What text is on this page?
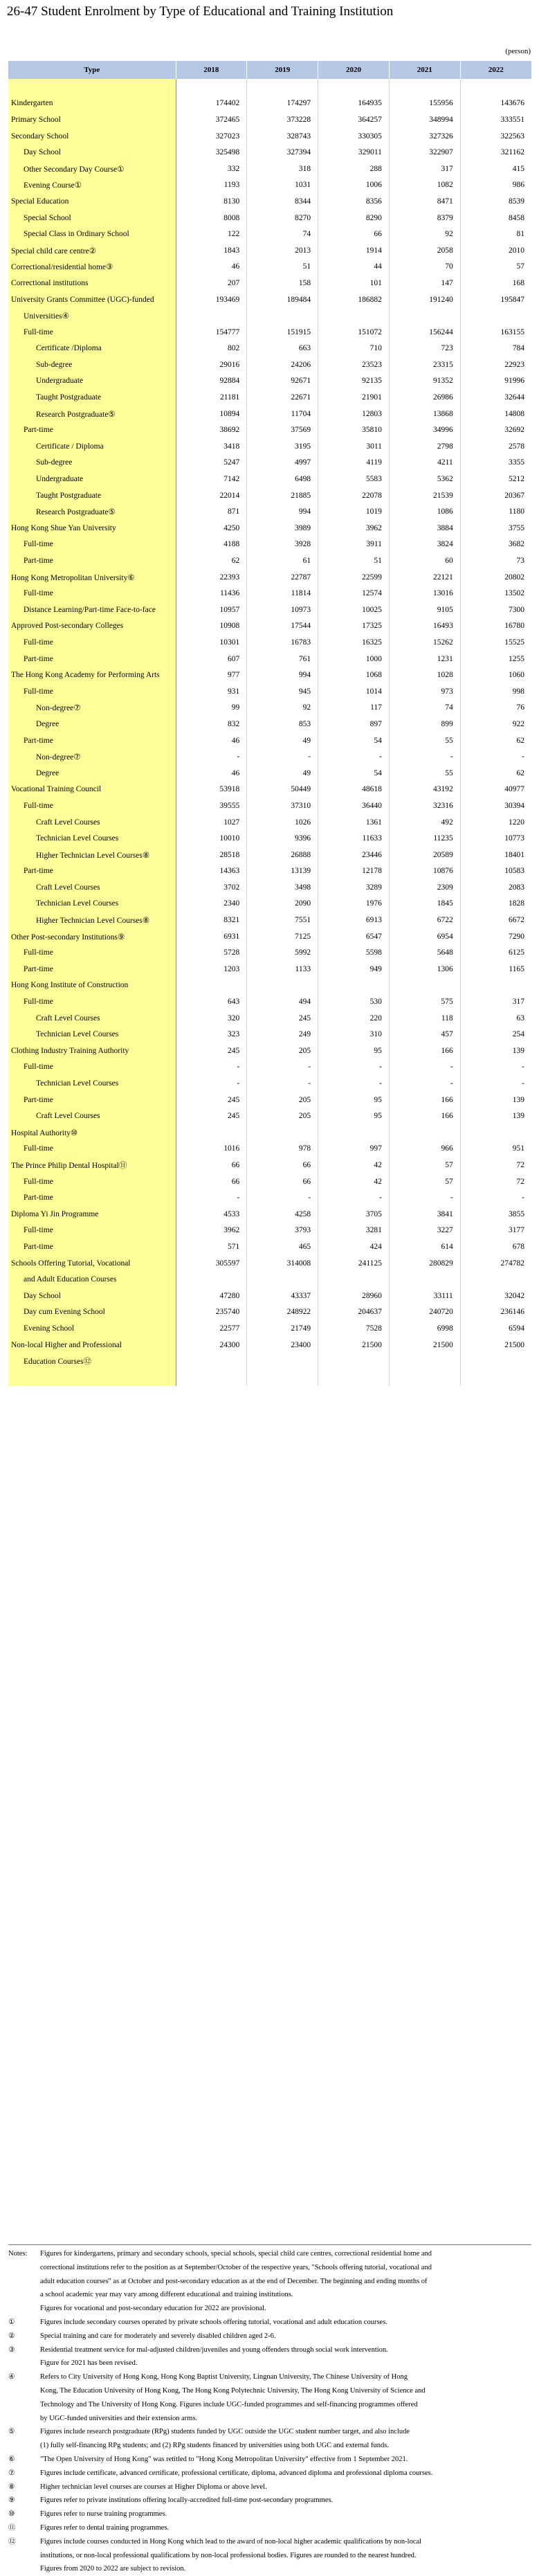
26-47 Student Enrolment by Type of Educational and Training Institution
(person)
Type	2018	2019	2020	2021	2022

Kindergarten	174402	174297	164935	155956	143676
Primary School	372465	373228	364257	348994	333551
Secondary School	327023	328743	330305	327326	322563
Day School	325498	327394	329011	322907	321162
Other Secondary Day Course①	332	318	288	317	415
Evening Course①	1193	1031	1006	1082	986
Special Education	8130	8344	8356	8471	8539
Special School	8008	8270	8290	8379	8458
Special Class in Ordinary School	122	74	66	92	81
Special child care centre②	1843	2013	1914	2058	2010
Correctional/residential home③	46	51	44	70	57
Correctional institutions	207	158	101	147	168
University Grants Committee (UGC)-funded	193469	189484	186882	191240	195847
Universities④					
Full-time	154777	151915	151072	156244	163155
Certificate /Diploma	802	663	710	723	784
Sub-degree	29016	24206	23523	23315	22923
Undergraduate	92884	92671	92135	91352	91996
Taught Postgraduate	21181	22671	21901	26986	32644
Research Postgraduate⑤	10894	11704	12803	13868	14808
Part-time	38692	37569	35810	34996	32692
Certificate / Diploma	3418	3195	3011	2798	2578
Sub-degree	5247	4997	4119	4211	3355
Undergraduate	7142	6498	5583	5362	5212
Taught Postgraduate	22014	21885	22078	21539	20367
Research Postgraduate⑤	871	994	1019	1086	1180
Hong Kong Shue Yan University	4250	3989	3962	3884	3755
Full-time	4188	3928	3911	3824	3682
Part-time	62	61	51	60	73
Hong Kong Metropolitan University⑥	22393	22787	22599	22121	20802
Full-time	11436	11814	12574	13016	13502
Distance Learning/Part-time Face-to-face	10957	10973	10025	9105	7300
Approved Post-secondary Colleges	10908	17544	17325	16493	16780
Full-time	10301	16783	16325	15262	15525
Part-time	607	761	1000	1231	1255
The Hong Kong Academy for Performing Arts	977	994	1068	1028	1060
Full-time	931	945	1014	973	998
Non-degree⑦	99	92	117	74	76
Degree	832	853	897	899	922
Part-time	46	49	54	55	62
Non-degree⑦	-	-	-	-	-
Degree	46	49	54	55	62
Vocational Training Council	53918	50449	48618	43192	40977
Full-time	39555	37310	36440	32316	30394
Craft Level Courses	1027	1026	1361	492	1220
Technician Level Courses	10010	9396	11633	11235	10773
Higher Technician Level Courses⑧	28518	26888	23446	20589	18401
Part-time	14363	13139	12178	10876	10583
Craft Level Courses	3702	3498	3289	2309	2083
Technician Level Courses	2340	2090	1976	1845	1828
Higher Technician Level Courses⑧	8321	7551	6913	6722	6672
Other Post-secondary Institutions⑨	6931	7125	6547	6954	7290
Full-time	5728	5992	5598	5648	6125
Part-time	1203	1133	949	1306	1165
Hong Kong Institute of Construction					
Full-time	643	494	530	575	317
Craft Level Courses	320	245	220	118	63
Technician Level Courses	323	249	310	457	254
Clothing Industry Training Authority	245	205	95	166	139
Full-time	-	-	-	-	-
Technician Level Courses	-	-	-	-	-
Part-time	245	205	95	166	139
Craft Level Courses	245	205	95	166	139
Hospital Authority⑩					
Full-time	1016	978	997	966	951
The Prince Philip Dental Hospital⑪	66	66	42	57	72
Full-time	66	66	42	57	72
Part-time	-	-	-	-	-
Diploma Yi Jin Programme	4533	4258	3705	3841	3855
Full-time	3962	3793	3281	3227	3177
Part-time	571	465	424	614	678
Schools Offering Tutorial, Vocational	305597	314008	241125	280829	274782
and Adult Education Courses					
Day School	47280	43337	28960	33111	32042
Day cum Evening School	235740	248922	204637	240720	236146
Evening School	22577	21749	7528	6998	6594
Non-local Higher and Professional	24300	23400	21500	21500	21500
Education Courses⑫					

Notes:	Figures for kindergartens, primary and secondary schools, special schools, special child care centres, correctional residential home and
correctional institutions refer to the position as at September/October of the respective years, "Schools offering tutorial, vocational and
adult education courses" as at October and post-secondary education as at the end of December. The beginning and ending months of
a school academic year may vary among different educational and training institutions.
Figures for vocational and post-secondary education for 2022 are provisional.
①	Figures include secondary courses operated by private schools offering tutorial, vocational and adult education courses.
②	Special training and care for moderately and severely disabled children aged 2-6.
③	Residential treatment service for mal-adjusted children/juveniles and young offenders through social work intervention.
Figure for 2021 has been revised.
④	Refers to City University of Hong Kong, Hong Kong Baptist University, Lingnan University, The Chinese University of Hong
Kong, The Education University of Hong Kong, The Hong Kong Polytechnic University, The Hong Kong University of Science and
Technology and The University of Hong Kong. Figures include UGC-funded programmes and self-financing programmes offered
by UGC-funded universities and their extension arms.
⑤	Figures include research postgraduate (RPg) students funded by UGC outside the UGC student number target, and also include
(1) fully self-financing RPg students; and (2) RPg students financed by universities using both UGC and external funds.
⑥	"The Open University of Hong Kong" was retitled to "Hong Kong Metropolitan University" effective from 1 September 2021.
⑦	Figures include certificate, advanced certificate, professional certificate, diploma, advanced diploma and professional diploma courses.
⑧	Higher technician level courses are courses at Higher Diploma or above level.
⑨	Figures refer to private institutions offering locally-accredited full-time post-secondary programmes.
⑩	Figures refer to nurse training programmes.
⑪	Figures refer to dental training programmes.
⑫	Figures include courses conducted in Hong Kong which lead to the award of non-local higher academic qualifications by non-local
institutions, or non-local professional qualifications by non-local professional bodies. Figures are rounded to the nearest hundred.
Figures from 2020 to 2022 are subject to revision.
